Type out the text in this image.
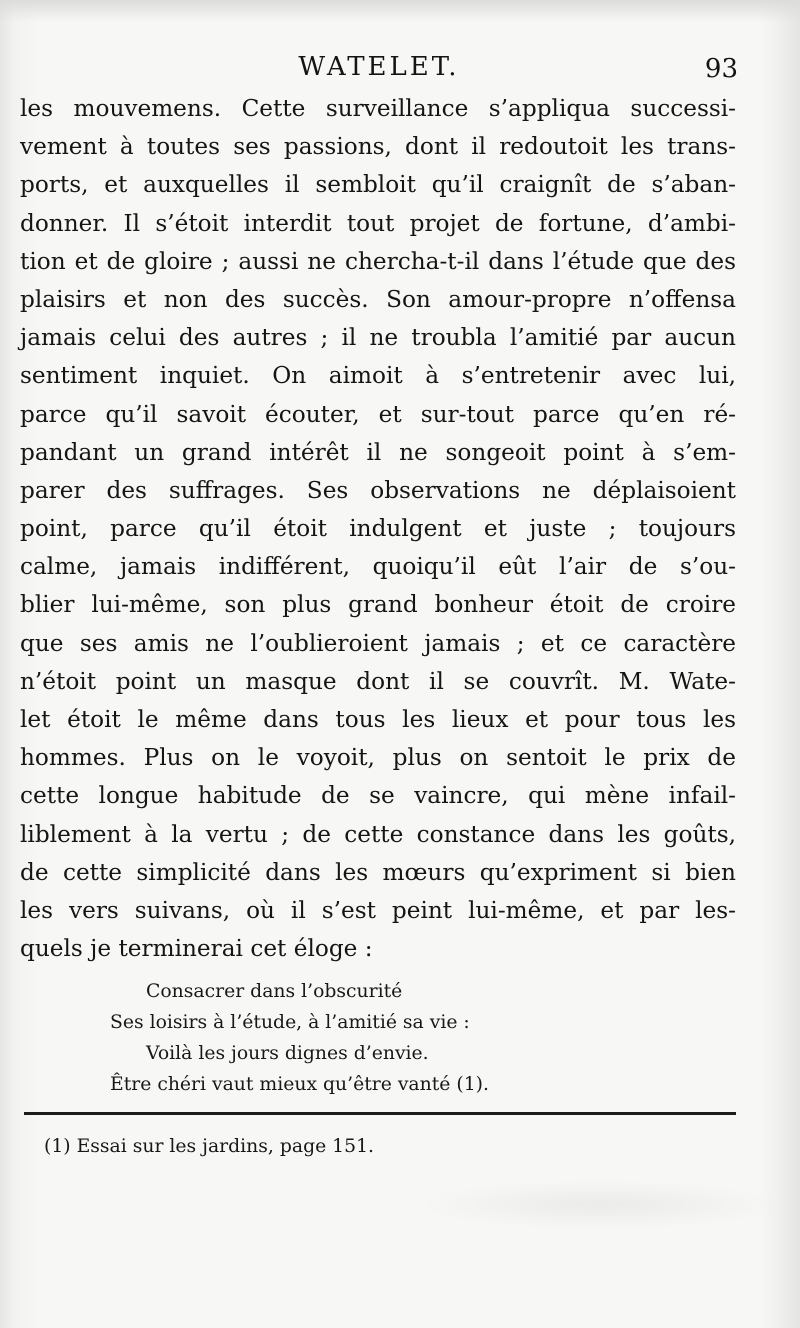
WATELET.	93
les mouvemens. Cette surveillance s’appliqua successi-
vement à toutes ses passions, dont il redoutoit les trans-
ports, et auxquelles il sembloit qu’il craignît de s’aban-
donner. Il s’étoit interdit tout projet de fortune, d’ambi-
tion et de gloire ; aussi ne chercha-t-il dans l’étude que des
plaisirs et non des succès. Son amour-propre n’offensa
jamais celui des autres ; il ne troubla l’amitié par aucun
sentiment inquiet. On aimoit à s’entretenir avec lui,
parce qu’il savoit écouter, et sur-tout parce qu’en ré-
pandant un grand intérêt il ne songeoit point à s’em-
parer des suffrages. Ses observations ne déplaisoient
point, parce qu’il étoit indulgent et juste ; toujours
calme, jamais indifférent, quoiqu’il eût l’air de s’ou-
blier lui-même, son plus grand bonheur étoit de croire
que ses amis ne l’oublieroient jamais ; et ce caractère
n’étoit point un masque dont il se couvrît. M. Wate-
let étoit le même dans tous les lieux et pour tous les
hommes. Plus on le voyoit, plus on sentoit le prix de
cette longue habitude de se vaincre, qui mène infail-
liblement à la vertu ; de cette constance dans les goûts,
de cette simplicité dans les mœurs qu’expriment si bien
les vers suivans, où il s’est peint lui-même, et par les-
quels je terminerai cet éloge :
Consacrer dans l’obscurité
Ses loisirs à l’étude, à l’amitié sa vie :
Voilà les jours dignes d’envie.
Être chéri vaut mieux qu’être vanté (1).
(1) Essai sur les jardins, page 151.
